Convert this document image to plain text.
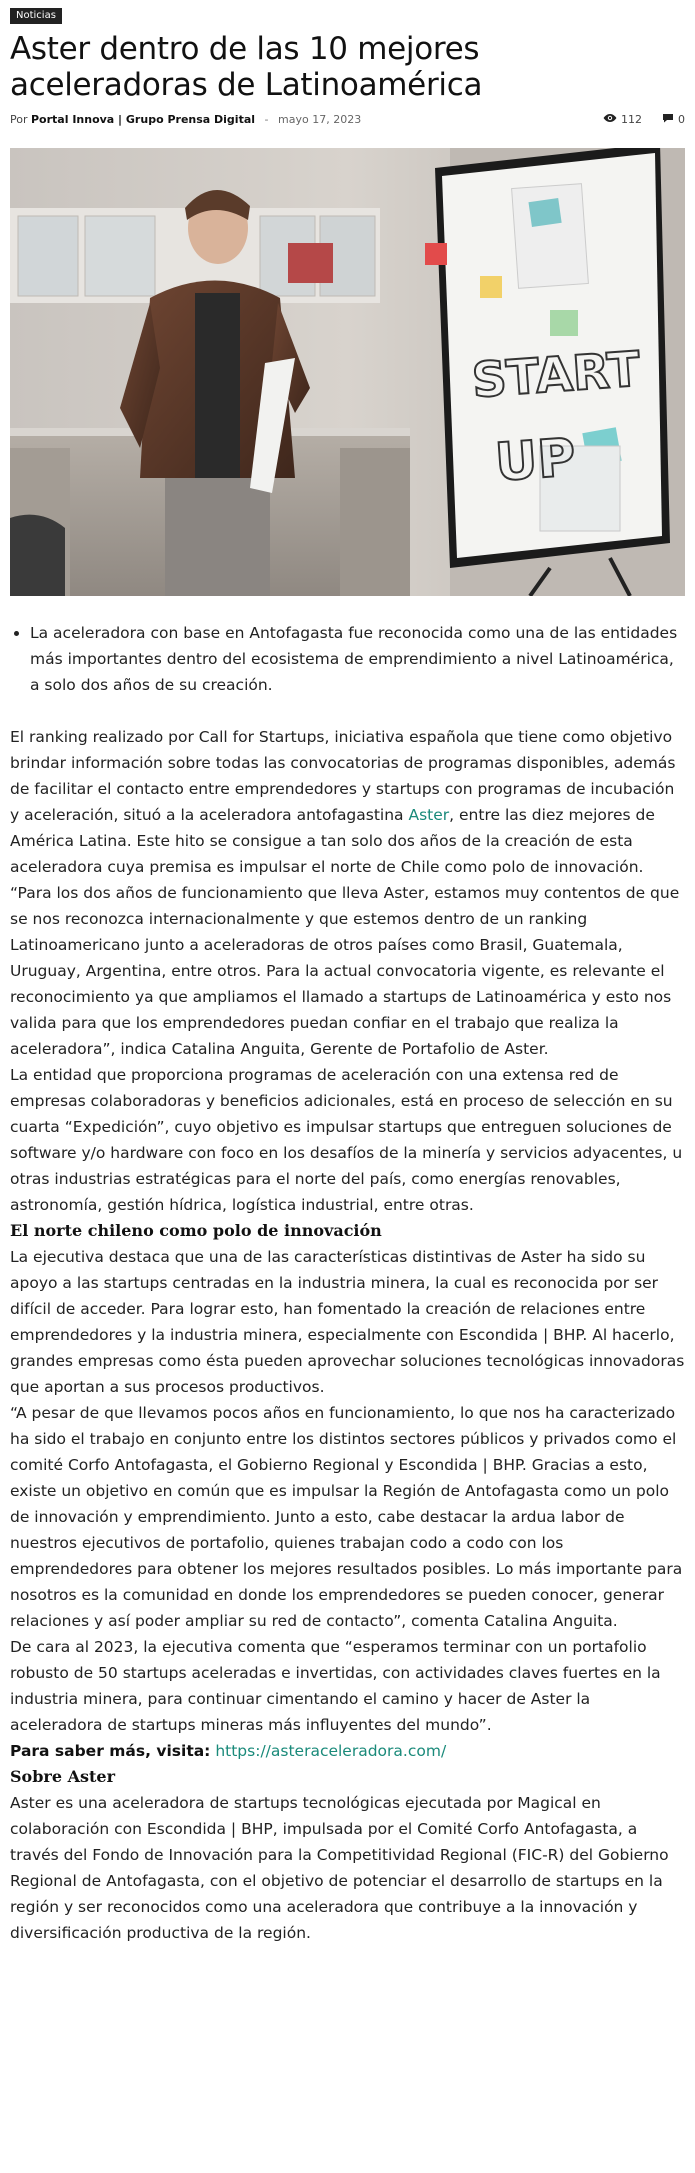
Noticias
Aster dentro de las 10 mejores aceleradoras de Latinoamérica
Por Portal Innova | Grupo Prensa Digital - mayo 17, 2023	112	0
START
UP
• La aceleradora con base en Antofagasta fue reconocida como una de las entidades más importantes dentro del ecosistema de emprendimiento a nivel Latinoamérica, a solo dos años de su creación.

El ranking realizado por Call for Startups, iniciativa española que tiene como objetivo brindar información sobre todas las convocatorias de programas disponibles, además de facilitar el contacto entre emprendedores y startups con programas de incubación y aceleración, situó a la aceleradora antofagastina Aster, entre las diez mejores de América Latina. Este hito se consigue a tan solo dos años de la creación de esta aceleradora cuya premisa es impulsar el norte de Chile como polo de innovación.

“Para los dos años de funcionamiento que lleva Aster, estamos muy contentos de que se nos reconozca internacionalmente y que estemos dentro de un ranking Latinoamericano junto a aceleradoras de otros países como Brasil, Guatemala, Uruguay, Argentina, entre otros. Para la actual convocatoria vigente, es relevante el reconocimiento ya que ampliamos el llamado a startups de Latinoamérica y esto nos valida para que los emprendedores puedan confiar en el trabajo que realiza la aceleradora”, indica Catalina Anguita, Gerente de Portafolio de Aster.

La entidad que proporciona programas de aceleración con una extensa red de empresas colaboradoras y beneficios adicionales, está en proceso de selección en su cuarta “Expedición”, cuyo objetivo es impulsar startups que entreguen soluciones de software y/o hardware con foco en los desafíos de la minería y servicios adyacentes, u otras industrias estratégicas para el norte del país, como energías renovables, astronomía, gestión hídrica, logística industrial, entre otras.

El norte chileno como polo de innovación

La ejecutiva destaca que una de las características distintivas de Aster ha sido su apoyo a las startups centradas en la industria minera, la cual es reconocida por ser difícil de acceder. Para lograr esto, han fomentado la creación de relaciones entre emprendedores y la industria minera, especialmente con Escondida | BHP. Al hacerlo, grandes empresas como ésta pueden aprovechar soluciones tecnológicas innovadoras que aportan a sus procesos productivos.

“A pesar de que llevamos pocos años en funcionamiento, lo que nos ha caracterizado ha sido el trabajo en conjunto entre los distintos sectores públicos y privados como el comité Corfo Antofagasta, el Gobierno Regional y Escondida | BHP. Gracias a esto, existe un objetivo en común que es impulsar la Región de Antofagasta como un polo de innovación y emprendimiento. Junto a esto, cabe destacar la ardua labor de nuestros ejecutivos de portafolio, quienes trabajan codo a codo con los emprendedores para obtener los mejores resultados posibles. Lo más importante para nosotros es la comunidad en donde los emprendedores se pueden conocer, generar relaciones y así poder ampliar su red de contacto”, comenta Catalina Anguita.

De cara al 2023, la ejecutiva comenta que “esperamos terminar con un portafolio robusto de 50 startups aceleradas e invertidas, con actividades claves fuertes en la industria minera, para continuar cimentando el camino y hacer de Aster la aceleradora de startups mineras más influyentes del mundo”.

Para saber más, visita: https://asteraceleradora.com/

Sobre Aster

Aster es una aceleradora de startups tecnológicas ejecutada por Magical en colaboración con Escondida | BHP, impulsada por el Comité Corfo Antofagasta, a través del Fondo de Innovación para la Competitividad Regional (FIC-R) del Gobierno Regional de Antofagasta, con el objetivo de potenciar el desarrollo de startups en la región y ser reconocidos como una aceleradora que contribuye a la innovación y diversificación productiva de la región.
